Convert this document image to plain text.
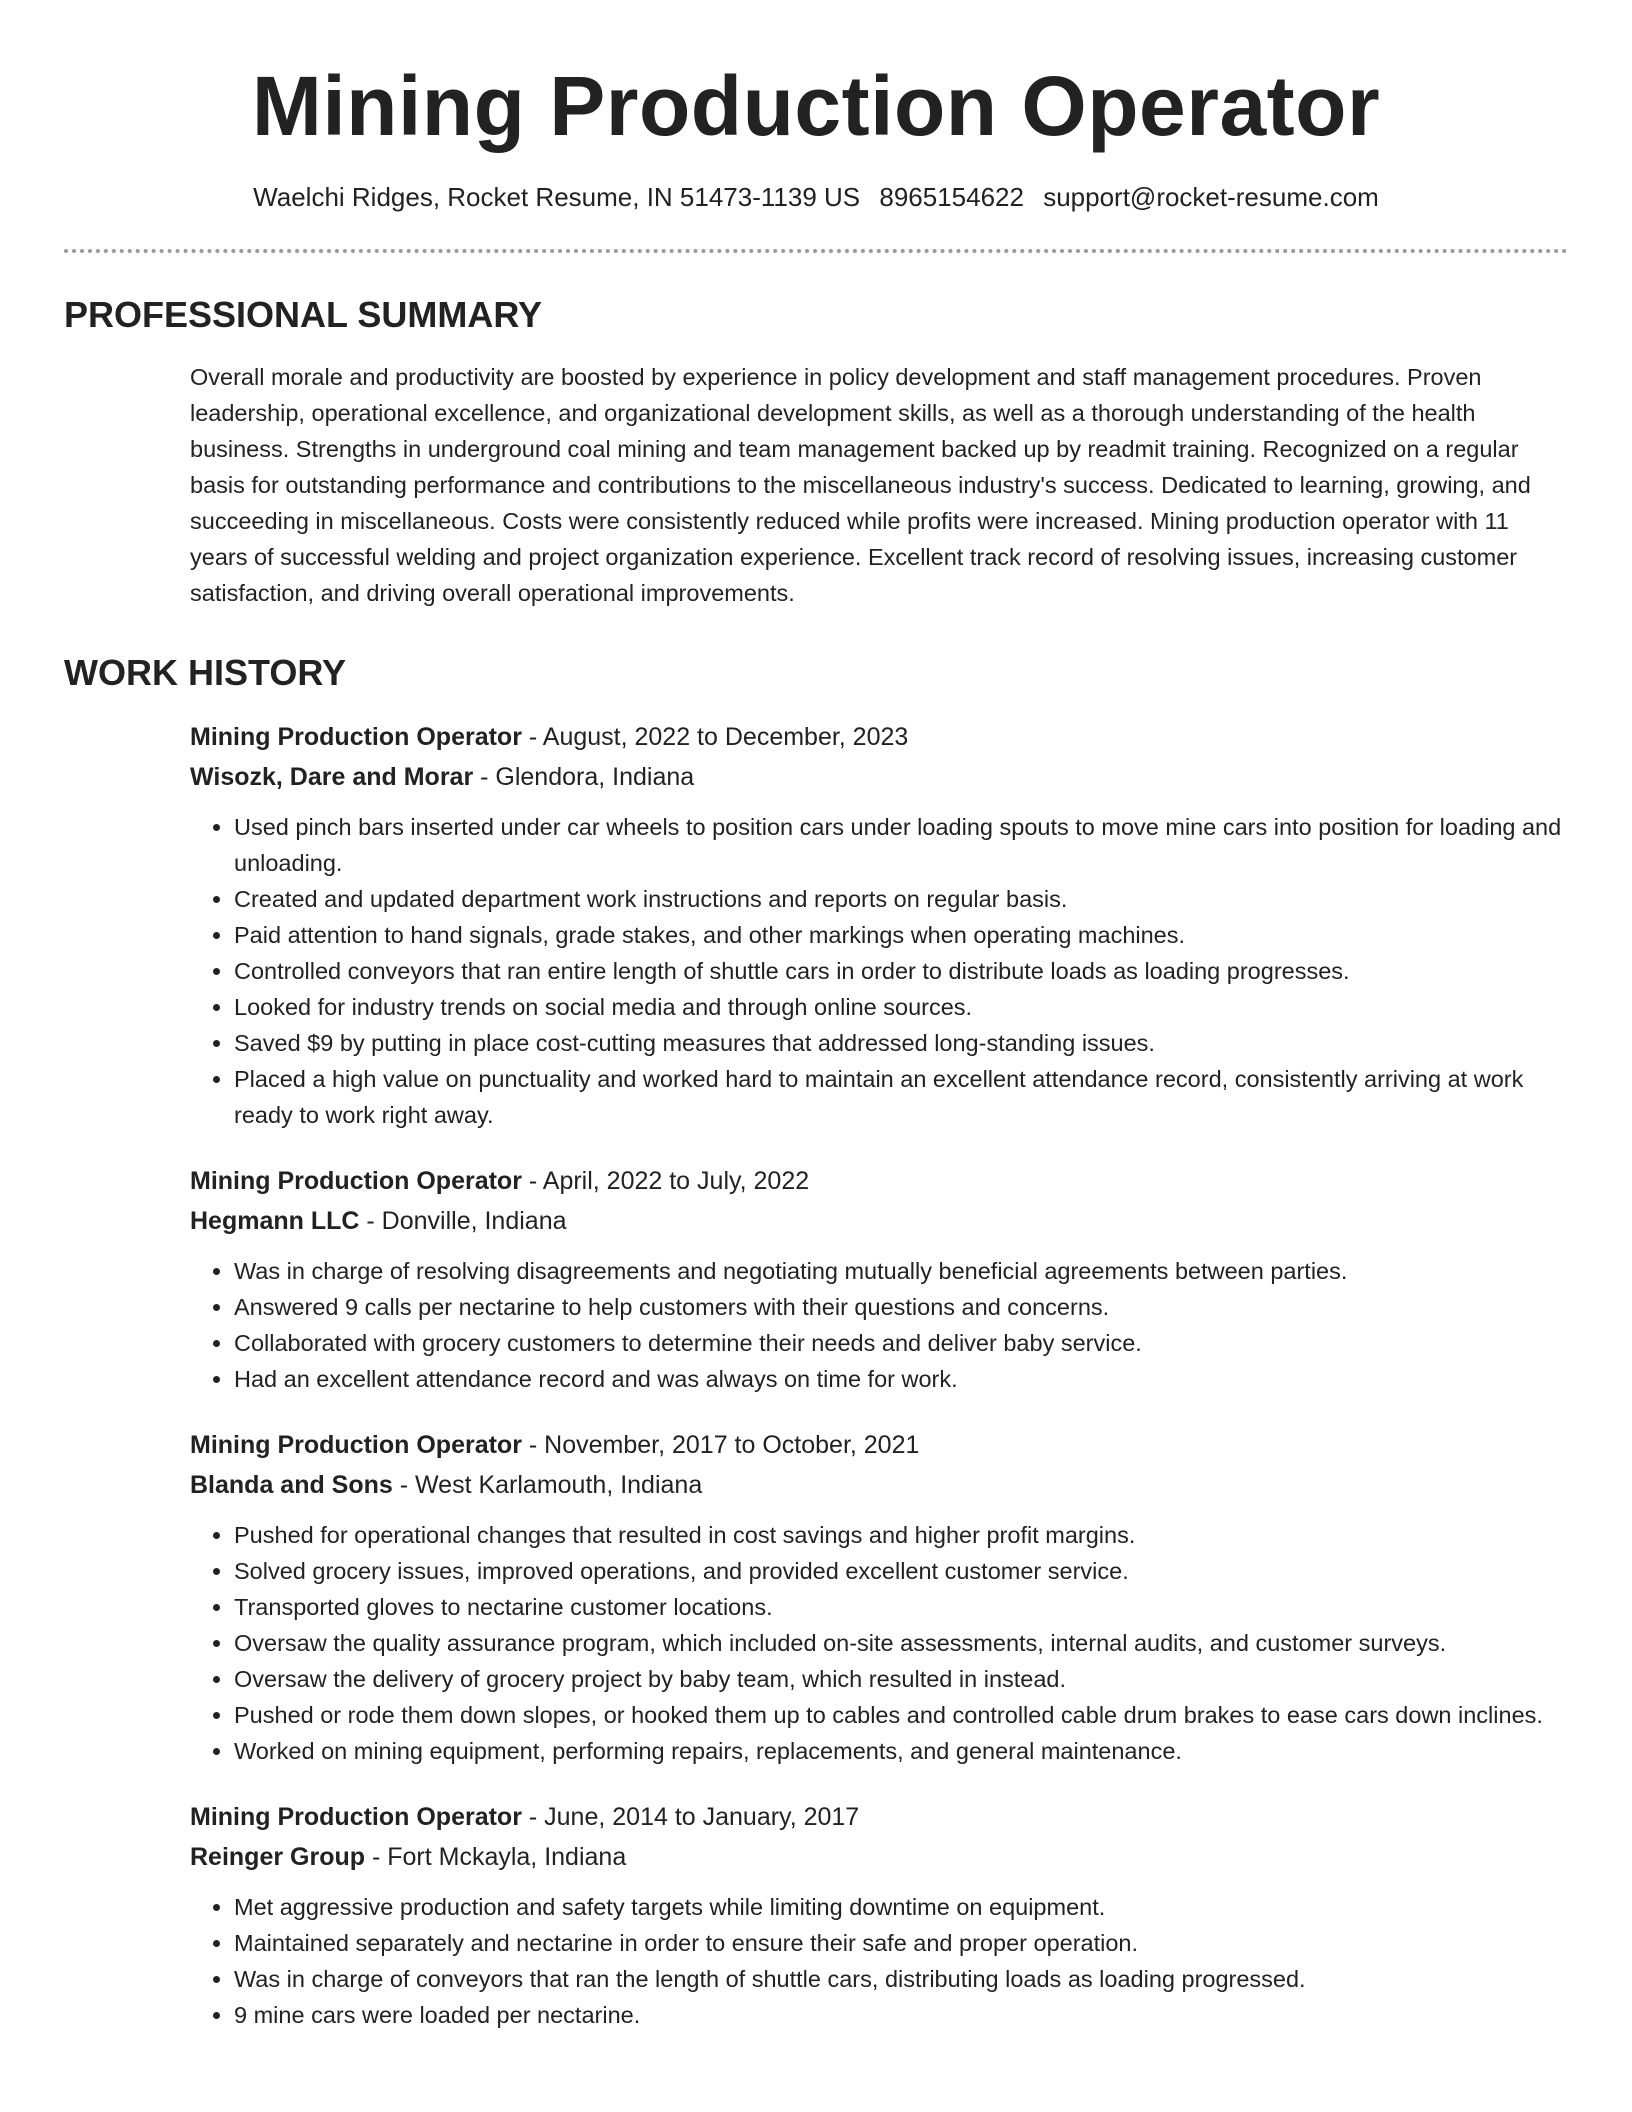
Mining Production Operator
Waelchi Ridges, Rocket Resume, IN 51473-1139 US 8965154622 support@rocket-resume.com
PROFESSIONAL SUMMARY
Overall morale and productivity are boosted by experience in policy development and staff management procedures. Proven leadership, operational excellence, and organizational development skills, as well as a thorough understanding of the health business. Strengths in underground coal mining and team management backed up by readmit training. Recognized on a regular basis for outstanding performance and contributions to the miscellaneous industry's success. Dedicated to learning, growing, and succeeding in miscellaneous. Costs were consistently reduced while profits were increased. Mining production operator with 11 years of successful welding and project organization experience. Excellent track record of resolving issues, increasing customer satisfaction, and driving overall operational improvements.
WORK HISTORY
Mining Production Operator - August, 2022 to December, 2023
Wisozk, Dare and Morar - Glendora, Indiana
• Used pinch bars inserted under car wheels to position cars under loading spouts to move mine cars into position for loading and unloading.
• Created and updated department work instructions and reports on regular basis.
• Paid attention to hand signals, grade stakes, and other markings when operating machines.
• Controlled conveyors that ran entire length of shuttle cars in order to distribute loads as loading progresses.
• Looked for industry trends on social media and through online sources.
• Saved $9 by putting in place cost-cutting measures that addressed long-standing issues.
• Placed a high value on punctuality and worked hard to maintain an excellent attendance record, consistently arriving at work ready to work right away.
Mining Production Operator - April, 2022 to July, 2022
Hegmann LLC - Donville, Indiana
• Was in charge of resolving disagreements and negotiating mutually beneficial agreements between parties.
• Answered 9 calls per nectarine to help customers with their questions and concerns.
• Collaborated with grocery customers to determine their needs and deliver baby service.
• Had an excellent attendance record and was always on time for work.
Mining Production Operator - November, 2017 to October, 2021
Blanda and Sons - West Karlamouth, Indiana
• Pushed for operational changes that resulted in cost savings and higher profit margins.
• Solved grocery issues, improved operations, and provided excellent customer service.
• Transported gloves to nectarine customer locations.
• Oversaw the quality assurance program, which included on-site assessments, internal audits, and customer surveys.
• Oversaw the delivery of grocery project by baby team, which resulted in instead.
• Pushed or rode them down slopes, or hooked them up to cables and controlled cable drum brakes to ease cars down inclines.
• Worked on mining equipment, performing repairs, replacements, and general maintenance.
Mining Production Operator - June, 2014 to January, 2017
Reinger Group - Fort Mckayla, Indiana
• Met aggressive production and safety targets while limiting downtime on equipment.
• Maintained separately and nectarine in order to ensure their safe and proper operation.
• Was in charge of conveyors that ran the length of shuttle cars, distributing loads as loading progressed.
• 9 mine cars were loaded per nectarine.
